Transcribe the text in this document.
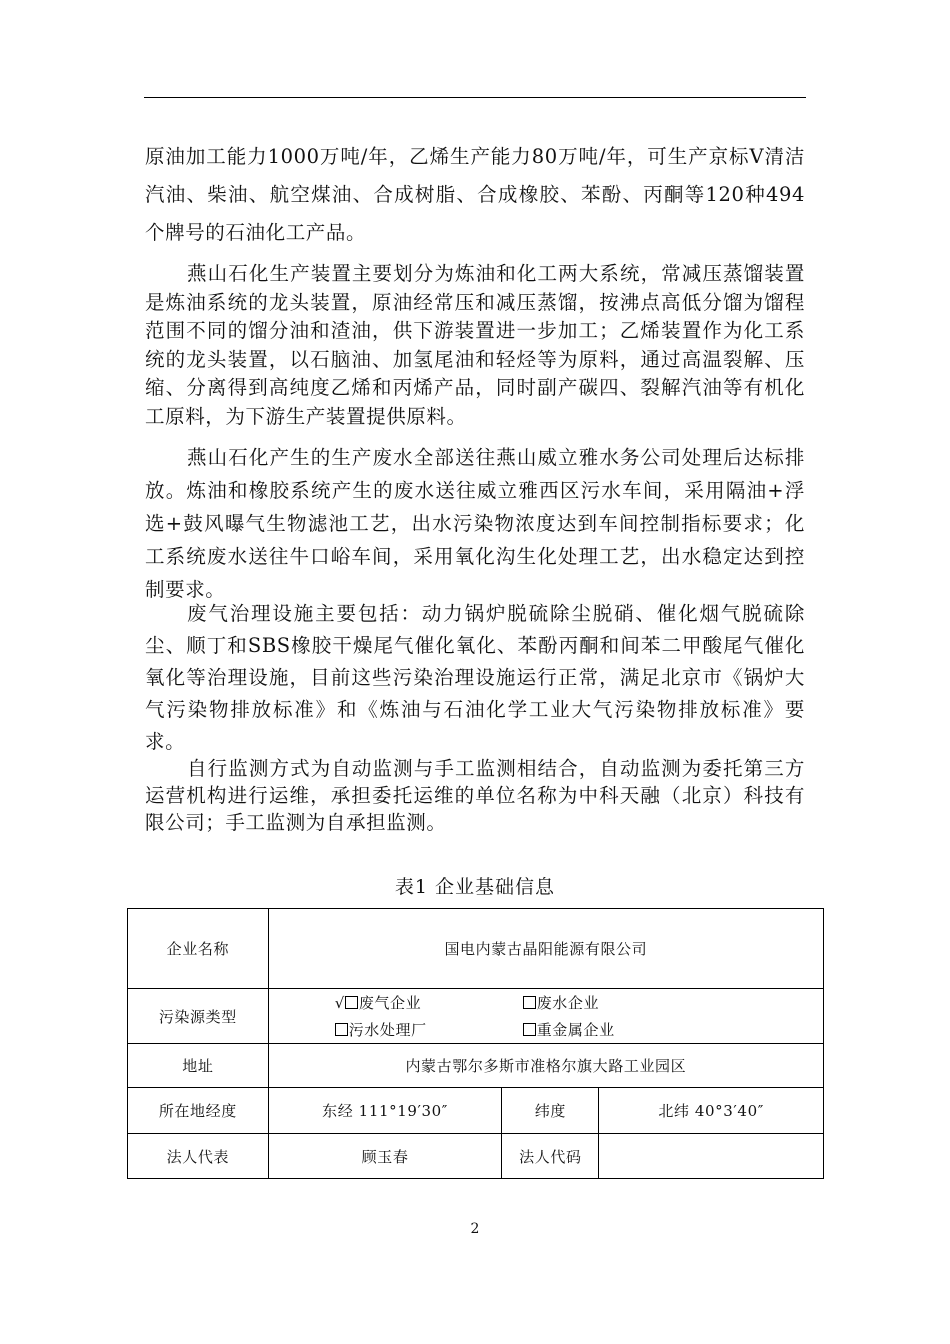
原油加工能力1000万吨/年，乙烯生产能力80万吨/年，可生产京标Ⅴ清洁汽油、柴油、航空煤油、合成树脂、合成橡胶、苯酚、丙酮等120种494个牌号的石油化工产品。

燕山石化生产装置主要划分为炼油和化工两大系统，常减压蒸馏装置是炼油系统的龙头装置，原油经常压和减压蒸馏，按沸点高低分馏为馏程范围不同的馏分油和渣油，供下游装置进一步加工；乙烯装置作为化工系统的龙头装置，以石脑油、加氢尾油和轻烃等为原料，通过高温裂解、压缩、分离得到高纯度乙烯和丙烯产品，同时副产碳四、裂解汽油等有机化工原料，为下游生产装置提供原料。

燕山石化产生的生产废水全部送往燕山威立雅水务公司处理后达标排放。炼油和橡胶系统产生的废水送往威立雅西区污水车间，采用隔油+浮选+鼓风曝气生物滤池工艺，出水污染物浓度达到车间控制指标要求；化工系统废水送往牛口峪车间，采用氧化沟生化处理工艺，出水稳定达到控制要求。

废气治理设施主要包括：动力锅炉脱硫除尘脱硝、催化烟气脱硫除尘、顺丁和SBS橡胶干燥尾气催化氧化、苯酚丙酮和间苯二甲酸尾气催化氧化等治理设施，目前这些污染治理设施运行正常，满足北京市《锅炉大气污染物排放标准》和《炼油与石油化学工业大气污染物排放标准》要求。

自行监测方式为自动监测与手工监测相结合，自动监测为委托第三方运营机构进行运维，承担委托运维的单位名称为中科天融（北京）科技有限公司；手工监测为自承担监测。

表1 企业基础信息
企业名称	国电内蒙古晶阳能源有限公司		
污染源类型	√ 废气企业 废水企业
污水处理厂 重金属企业		

地址	内蒙古鄂尔多斯市准格尔旗大路工业园区		
所在地经度	东经 111°19′30″	纬度	北纬 40°3′40″
法人代表	顾玉春	法人代码	
2
